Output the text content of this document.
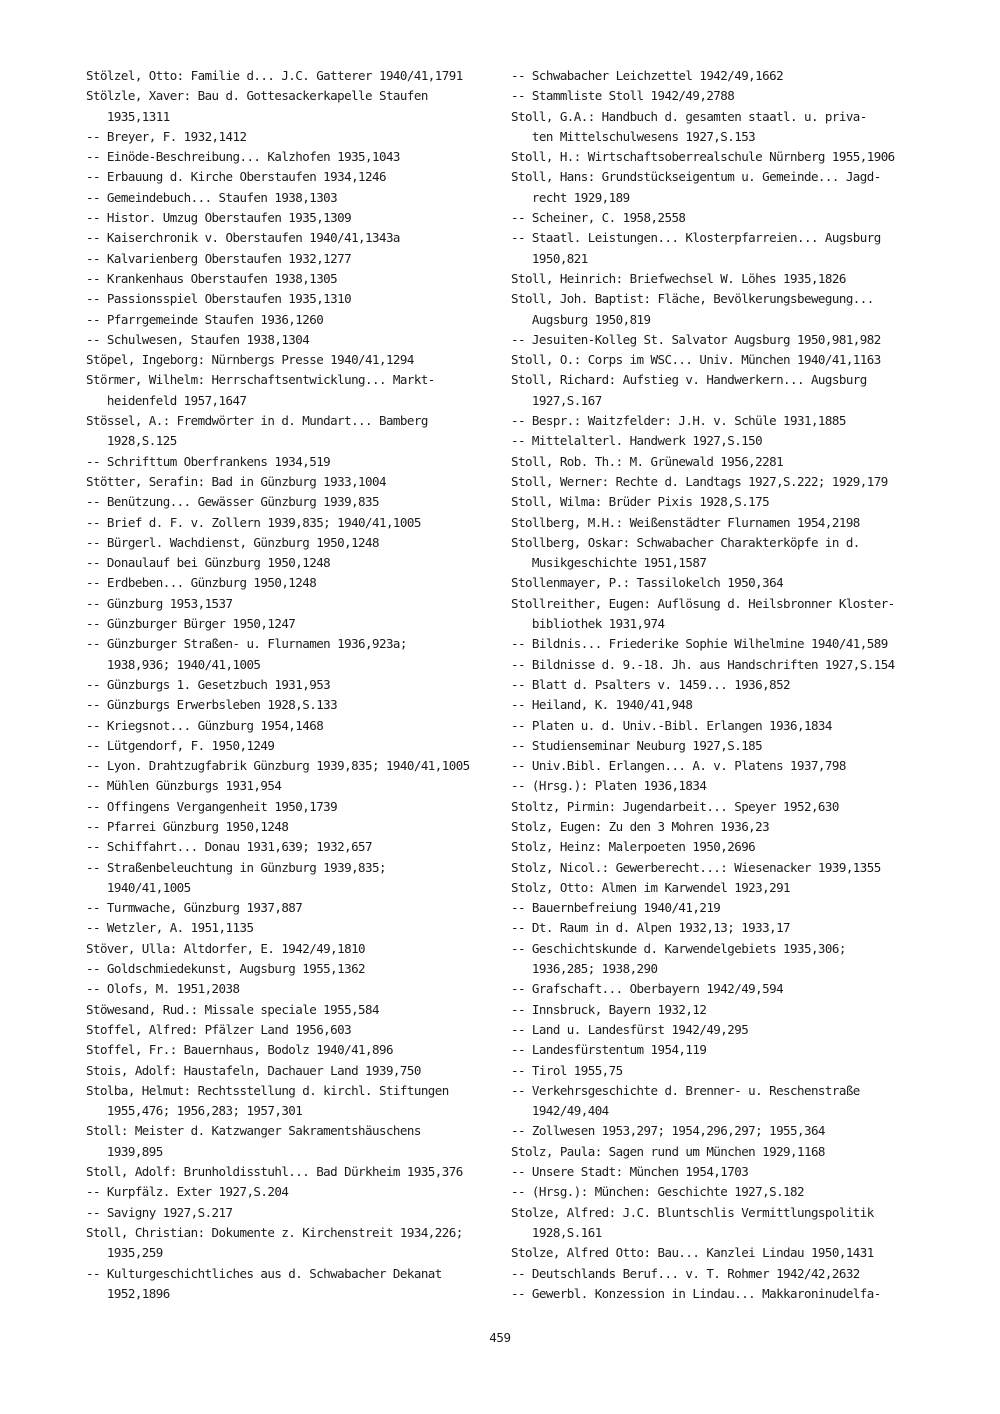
Stölzel, Otto: Familie d... J.C. Gatterer 1940/41,1791
Stölzle, Xaver: Bau d. Gottesackerkapelle Staufen
1935,1311
-- Breyer, F. 1932,1412
-- Einöde-Beschreibung... Kalzhofen 1935,1043
-- Erbauung d. Kirche Oberstaufen 1934,1246
-- Gemeindebuch... Staufen 1938,1303
-- Histor. Umzug Oberstaufen 1935,1309
-- Kaiserchronik v. Oberstaufen 1940/41,1343a
-- Kalvarienberg Oberstaufen 1932,1277
-- Krankenhaus Oberstaufen 1938,1305
-- Passionsspiel Oberstaufen 1935,1310
-- Pfarrgemeinde Staufen 1936,1260
-- Schulwesen, Staufen 1938,1304
Stöpel, Ingeborg: Nürnbergs Presse 1940/41,1294
Störmer, Wilhelm: Herrschaftsentwicklung... Markt-
heidenfeld 1957,1647
Stössel, A.: Fremdwörter in d. Mundart... Bamberg
1928,S.125
-- Schrifttum Oberfrankens 1934,519
Stötter, Serafin: Bad in Günzburg 1933,1004
-- Benützung... Gewässer Günzburg 1939,835
-- Brief d. F. v. Zollern 1939,835; 1940/41,1005
-- Bürgerl. Wachdienst, Günzburg 1950,1248
-- Donaulauf bei Günzburg 1950,1248
-- Erdbeben... Günzburg 1950,1248
-- Günzburg 1953,1537
-- Günzburger Bürger 1950,1247
-- Günzburger Straßen- u. Flurnamen 1936,923a;
1938,936; 1940/41,1005
-- Günzburgs 1. Gesetzbuch 1931,953
-- Günzburgs Erwerbsleben 1928,S.133
-- Kriegsnot... Günzburg 1954,1468
-- Lütgendorf, F. 1950,1249
-- Lyon. Drahtzugfabrik Günzburg 1939,835; 1940/41,1005
-- Mühlen Günzburgs 1931,954
-- Offingens Vergangenheit 1950,1739
-- Pfarrei Günzburg 1950,1248
-- Schiffahrt... Donau 1931,639; 1932,657
-- Straßenbeleuchtung in Günzburg 1939,835;
1940/41,1005
-- Turmwache, Günzburg 1937,887
-- Wetzler, A. 1951,1135
Stöver, Ulla: Altdorfer, E. 1942/49,1810
-- Goldschmiedekunst, Augsburg 1955,1362
-- Olofs, M. 1951,2038
Stöwesand, Rud.: Missale speciale 1955,584
Stoffel, Alfred: Pfälzer Land 1956,603
Stoffel, Fr.: Bauernhaus, Bodolz 1940/41,896
Stois, Adolf: Haustafeln, Dachauer Land 1939,750
Stolba, Helmut: Rechtsstellung d. kirchl. Stiftungen
1955,476; 1956,283; 1957,301
Stoll: Meister d. Katzwanger Sakramentshäuschens
1939,895
Stoll, Adolf: Brunholdisstuhl... Bad Dürkheim 1935,376
-- Kurpfälz. Exter 1927,S.204
-- Savigny 1927,S.217
Stoll, Christian: Dokumente z. Kirchenstreit 1934,226;
1935,259
-- Kulturgeschichtliches aus d. Schwabacher Dekanat
1952,1896
-- Schwabacher Leichzettel 1942/49,1662
-- Stammliste Stoll 1942/49,2788
Stoll, G.A.: Handbuch d. gesamten staatl. u. priva-
ten Mittelschulwesens 1927,S.153
Stoll, H.: Wirtschaftsoberrealschule Nürnberg 1955,1906
Stoll, Hans: Grundstückseigentum u. Gemeinde... Jagd-
recht 1929,189
-- Scheiner, C. 1958,2558
-- Staatl. Leistungen... Klosterpfarreien... Augsburg
1950,821
Stoll, Heinrich: Briefwechsel W. Löhes 1935,1826
Stoll, Joh. Baptist: Fläche, Bevölkerungsbewegung...
Augsburg 1950,819
-- Jesuiten-Kolleg St. Salvator Augsburg 1950,981,982
Stoll, O.: Corps im WSC... Univ. München 1940/41,1163
Stoll, Richard: Aufstieg v. Handwerkern... Augsburg
1927,S.167
-- Bespr.: Waitzfelder: J.H. v. Schüle 1931,1885
-- Mittelalterl. Handwerk 1927,S.150
Stoll, Rob. Th.: M. Grünewald 1956,2281
Stoll, Werner: Rechte d. Landtags 1927,S.222; 1929,179
Stoll, Wilma: Brüder Pixis 1928,S.175
Stollberg, M.H.: Weißenstädter Flurnamen 1954,2198
Stollberg, Oskar: Schwabacher Charakterköpfe in d.
Musikgeschichte 1951,1587
Stollenmayer, P.: Tassilokelch 1950,364
Stollreither, Eugen: Auflösung d. Heilsbronner Kloster-
bibliothek 1931,974
-- Bildnis... Friederike Sophie Wilhelmine 1940/41,589
-- Bildnisse d. 9.-18. Jh. aus Handschriften 1927,S.154
-- Blatt d. Psalters v. 1459... 1936,852
-- Heiland, K. 1940/41,948
-- Platen u. d. Univ.-Bibl. Erlangen 1936,1834
-- Studienseminar Neuburg 1927,S.185
-- Univ.Bibl. Erlangen... A. v. Platens 1937,798
-- (Hrsg.): Platen 1936,1834
Stoltz, Pirmin: Jugendarbeit... Speyer 1952,630
Stolz, Eugen: Zu den 3 Mohren 1936,23
Stolz, Heinz: Malerpoeten 1950,2696
Stolz, Nicol.: Gewerberecht...: Wiesenacker 1939,1355
Stolz, Otto: Almen im Karwendel 1923,291
-- Bauernbefreiung 1940/41,219
-- Dt. Raum in d. Alpen 1932,13; 1933,17
-- Geschichtskunde d. Karwendelgebiets 1935,306;
1936,285; 1938,290
-- Grafschaft... Oberbayern 1942/49,594
-- Innsbruck, Bayern 1932,12
-- Land u. Landesfürst 1942/49,295
-- Landesfürstentum 1954,119
-- Tirol 1955,75
-- Verkehrsgeschichte d. Brenner- u. Reschenstraße
1942/49,404
-- Zollwesen 1953,297; 1954,296,297; 1955,364
Stolz, Paula: Sagen rund um München 1929,1168
-- Unsere Stadt: München 1954,1703
-- (Hrsg.): München: Geschichte 1927,S.182
Stolze, Alfred: J.C. Bluntschlis Vermittlungspolitik
1928,S.161
Stolze, Alfred Otto: Bau... Kanzlei Lindau 1950,1431
-- Deutschlands Beruf... v. T. Rohmer 1942/42,2632
-- Gewerbl. Konzession in Lindau... Makkaroninudelfa-
459
